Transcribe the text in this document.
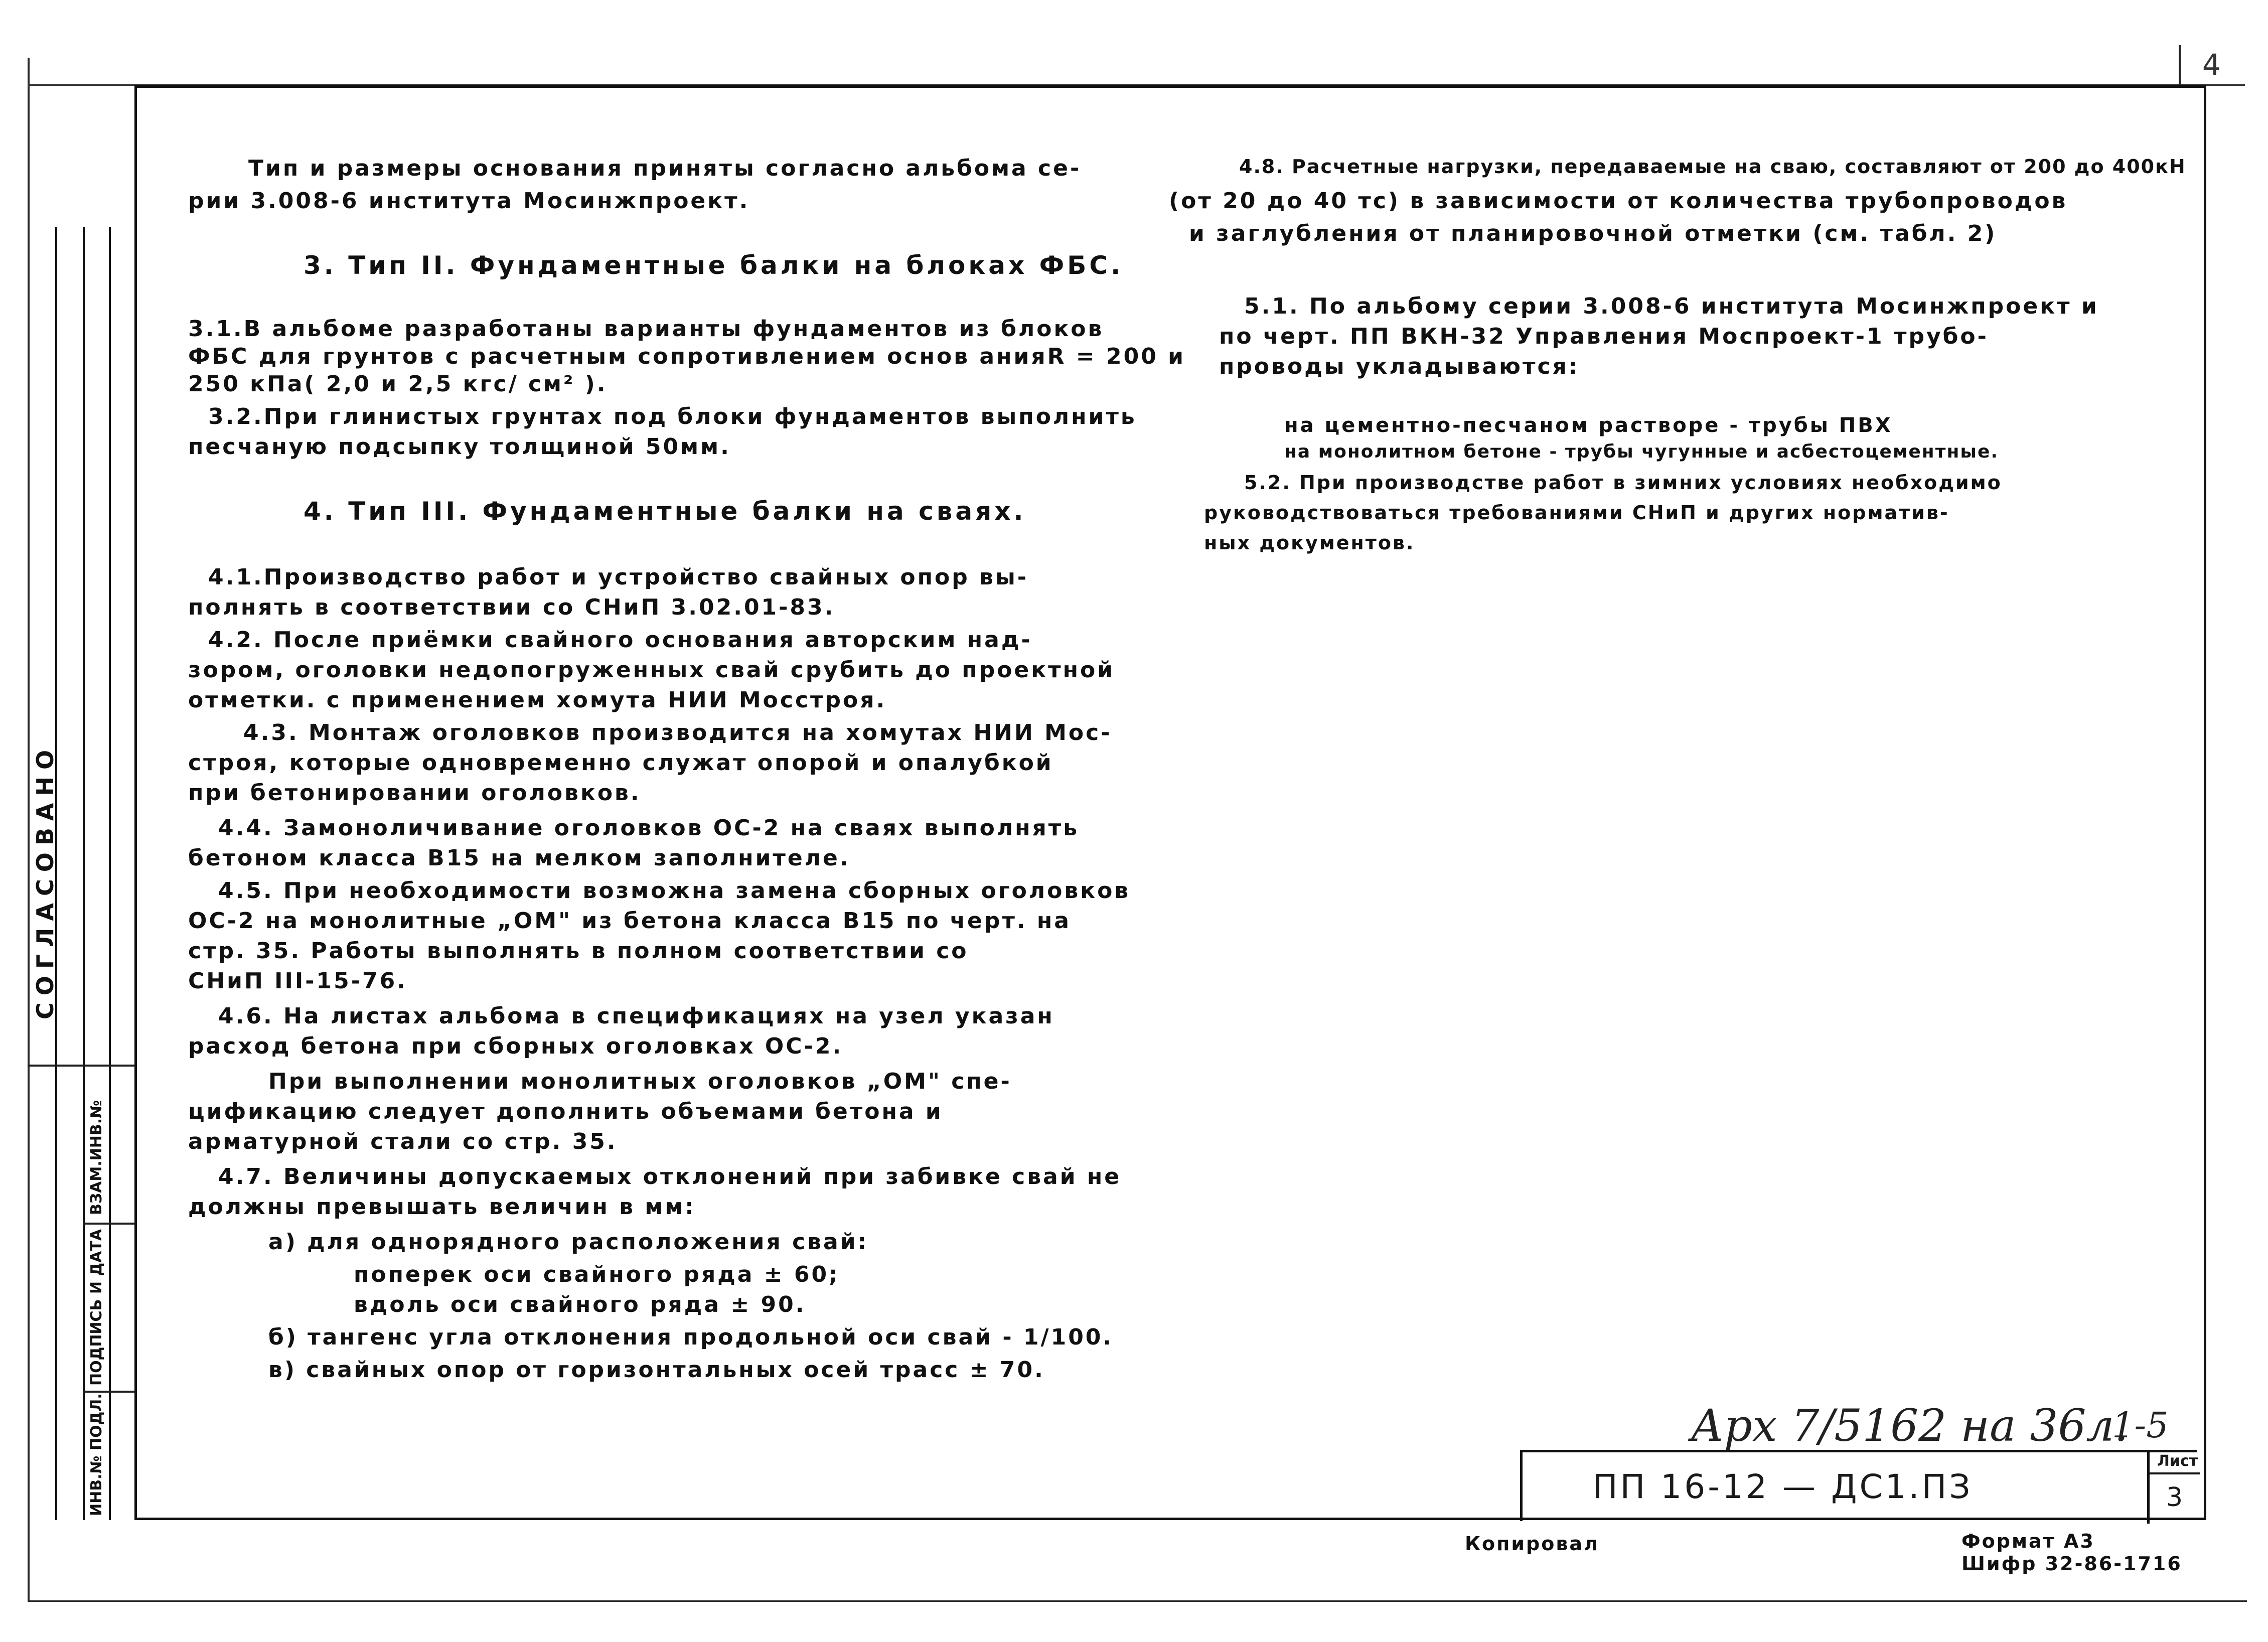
4
СОГЛАСОВАНО
ВЗАМ.ИНВ.№
ПОДПИСЬ И ДАТА
ИНВ.№ ПОДЛ.
Тип и размеры основания приняты согласно альбома се-
рии 3.008-6 института Мосинжпроект.
3. Тип II. Фундаментные балки на блоках ФБС.
3.1.В альбоме разработаны варианты фундаментов из блоков
ФБС для грунтов с расчетным сопротивлением основ анияR = 200 и
250 кПа( 2,0 и 2,5 кгс/ см² ).
3.2.При глинистых грунтах под блоки фундаментов выполнить
песчаную подсыпку толщиной 50мм.
4. Тип III. Фундаментные балки на сваях.
4.1.Производство работ и устройство свайных опор вы-
полнять в соответствии со СНиП 3.02.01-83.
4.2. После приёмки свайного основания авторским над-
зором, оголовки недопогруженных свай срубить до проектной
отметки. с применением хомута НИИ Мосстроя.
4.3. Монтаж оголовков производится на хомутах НИИ Мос-
строя, которые одновременно служат опорой и опалубкой
при бетонировании оголовков.
4.4. Замоноличивание оголовков ОС-2 на сваях выполнять
бетоном класса В15 на мелком заполнителе.
4.5. При необходимости возможна замена сборных оголовков
ОС-2 на монолитные „ОМ" из бетона класса В15 по черт. на
стр. 35. Работы выполнять в полном соответствии со
СНиП III-15-76.
4.6. На листах альбома в спецификациях на узел указан
расход бетона при сборных оголовках ОС-2.
При выполнении монолитных оголовков „ОМ" спе-
цификацию следует дополнить объемами бетона и
арматурной стали со стр. 35.
4.7. Величины допускаемых отклонений при забивке свай не
должны превышать величин в мм:
а) для однорядного расположения свай:
поперек оси свайного ряда ± 60;
вдоль оси свайного ряда ± 90.
б) тангенс угла отклонения продольной оси свай - 1/100.
в) свайных опор от горизонтальных осей трасс ± 70.
4.8. Расчетные нагрузки, передаваемые на сваю, составляют от 200 до 400кН
(от 20 до 40 тс) в зависимости от количества трубопроводов
и заглубления от планировочной отметки (см. табл. 2)
5.1. По альбому серии 3.008-6 института Мосинжпроект и
по черт. ПП ВКН-32 Управления Моспроект-1 трубо-
проводы укладываются:
на цементно-песчаном растворе - трубы ПВХ
на монолитном бетоне - трубы чугунные и асбестоцементные.
5.2. При производстве работ в зимних условиях необходимо
руководствоваться требованиями СНиП и других норматив-
ных документов.
Арх 7/5162 на 36л.
1-5
ПП 16-12 — ДС1.ПЗ
Лист
3
Копировал	Формат А3
Шифр 32-86-1716
